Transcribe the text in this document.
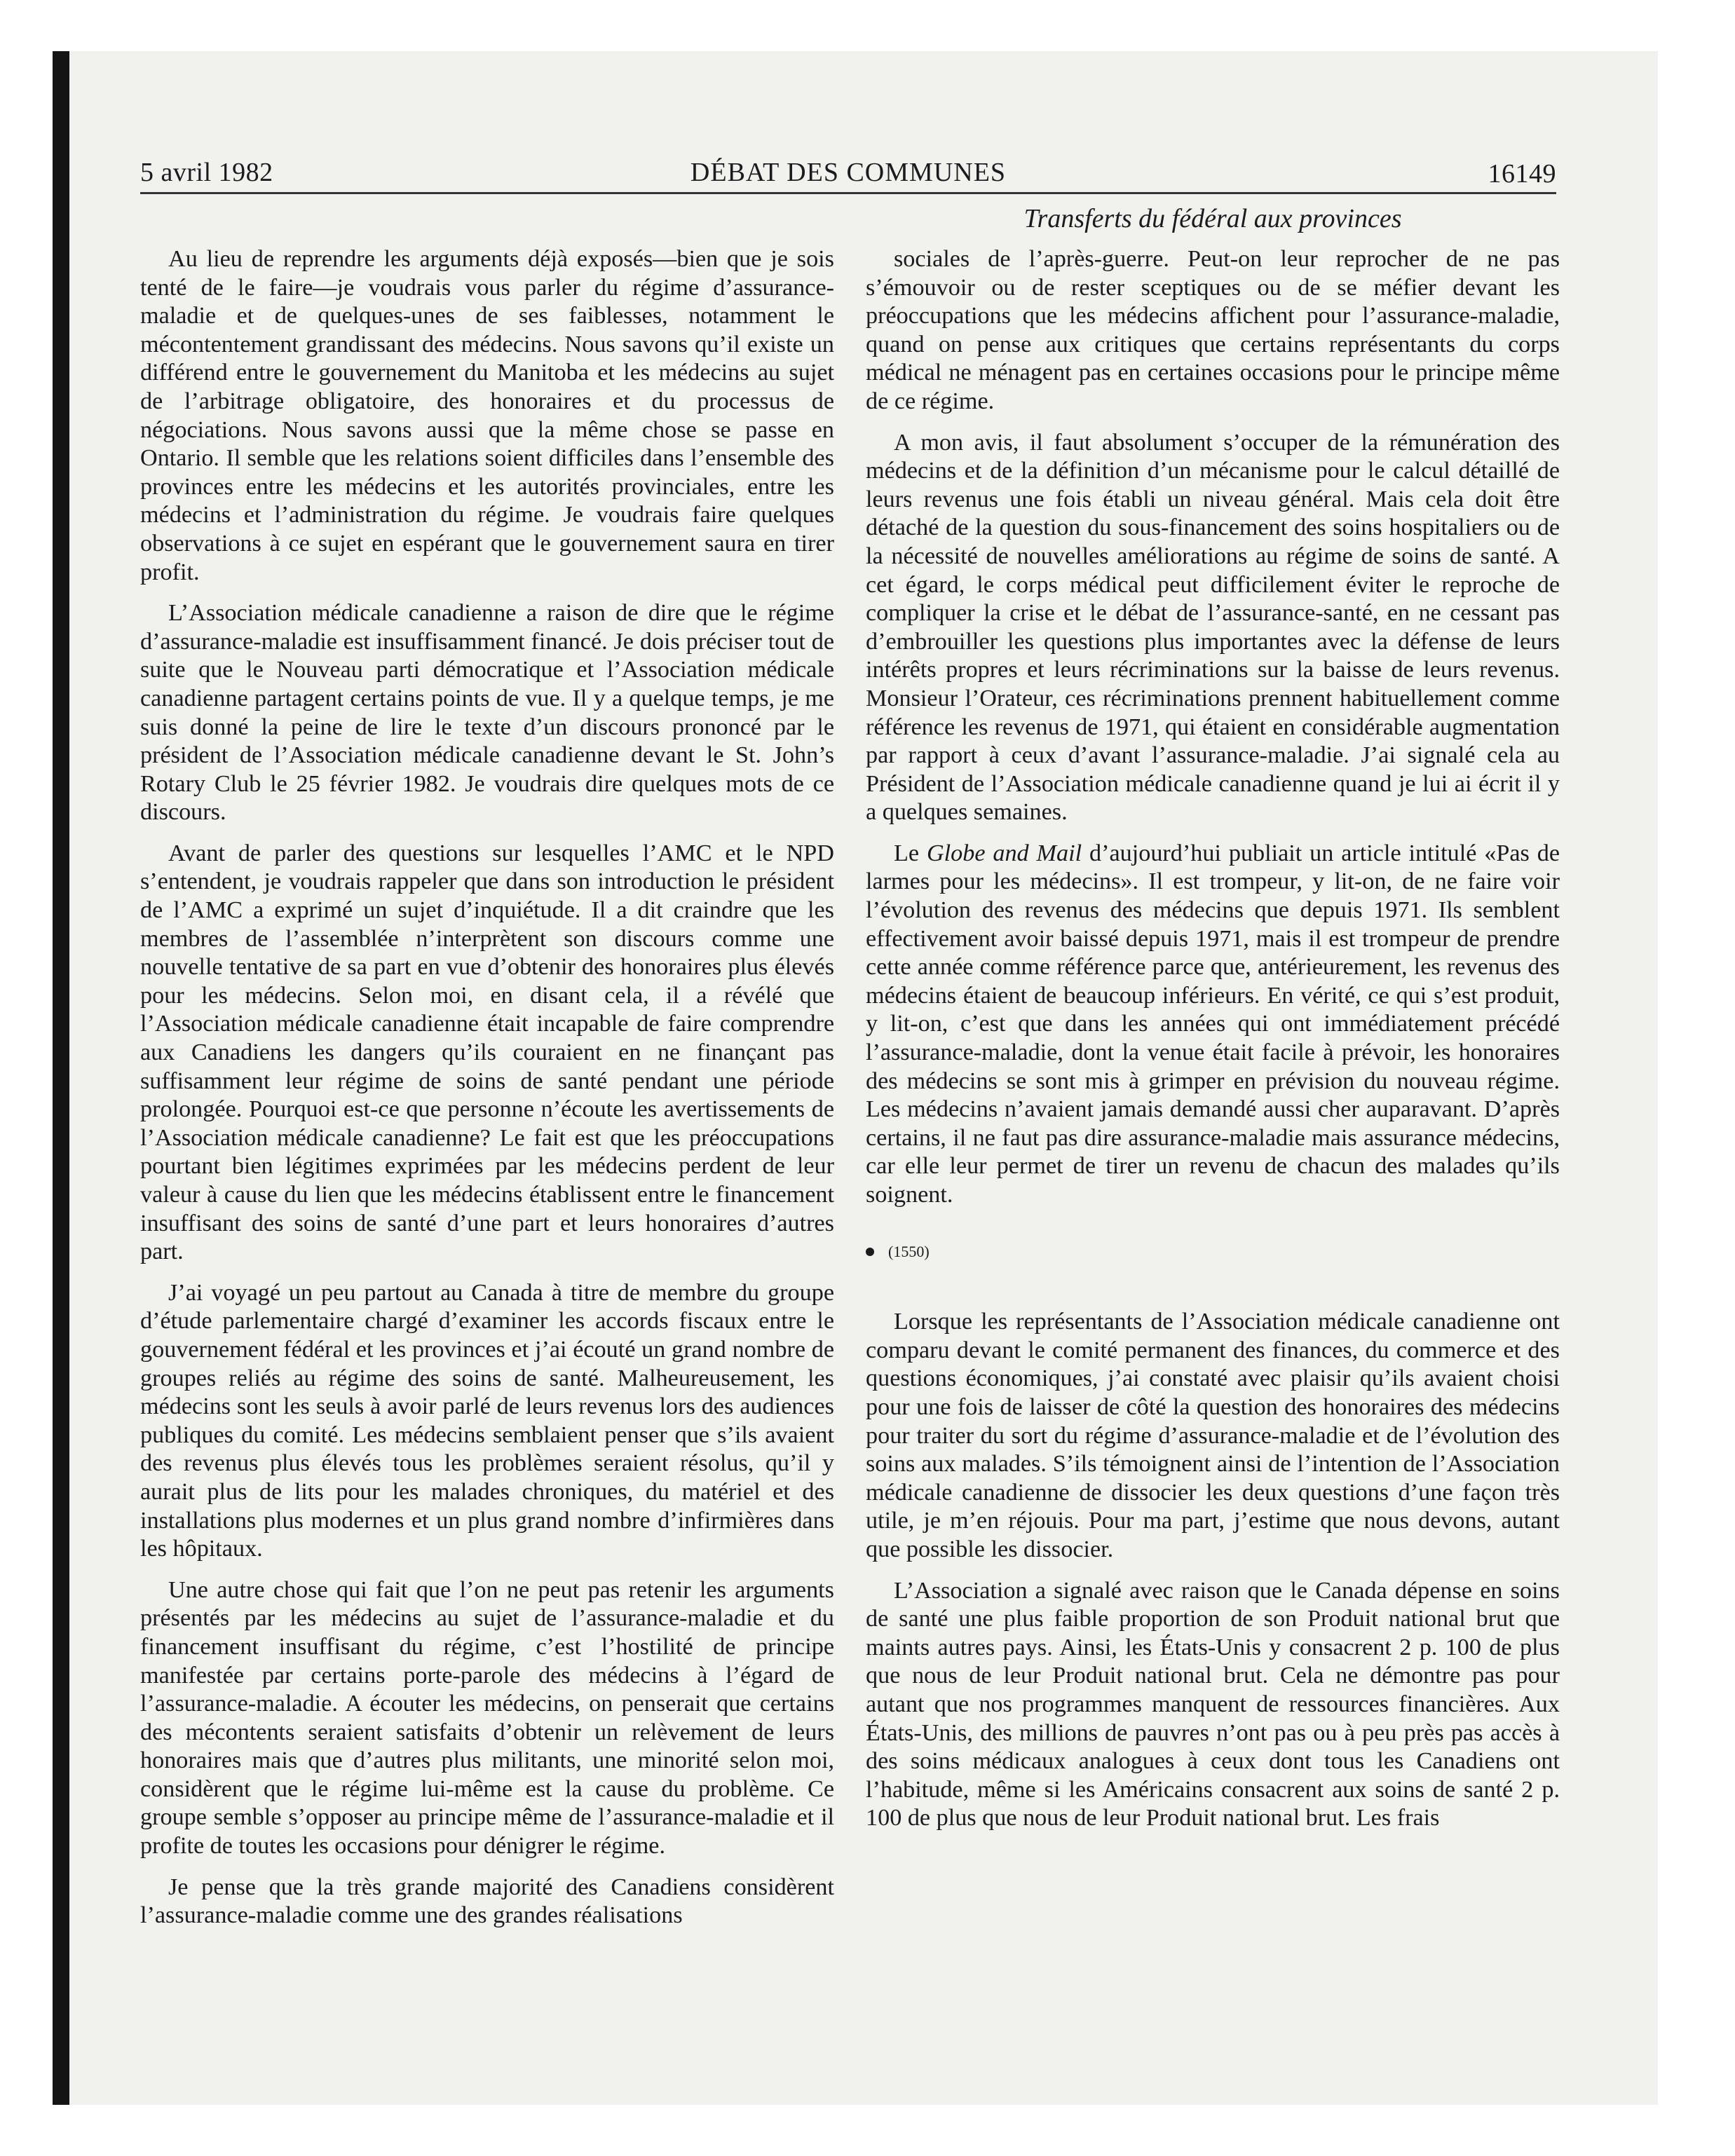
5 avril 1982	DÉBAT DES COMMUNES	16149
Transferts du fédéral aux provinces

Au lieu de reprendre les arguments déjà exposés—bien que je sois tenté de le faire—je voudrais vous parler du régime d’assurance-maladie et de quelques-unes de ses faiblesses, notamment le mécontentement grandissant des médecins. Nous savons qu’il existe un différend entre le gouvernement du Manitoba et les médecins au sujet de l’arbitrage obligatoire, des honoraires et du processus de négociations. Nous savons aussi que la même chose se passe en Ontario. Il semble que les relations soient difficiles dans l’ensemble des provinces entre les médecins et les autorités provinciales, entre les médecins et l’administration du régime. Je voudrais faire quelques observations à ce sujet en espérant que le gouvernement saura en tirer profit.

L’Association médicale canadienne a raison de dire que le régime d’assurance-maladie est insuffisamment financé. Je dois préciser tout de suite que le Nouveau parti démocratique et l’Association médicale canadienne partagent certains points de vue. Il y a quelque temps, je me suis donné la peine de lire le texte d’un discours prononcé par le président de l’Association médicale canadienne devant le St. John’s Rotary Club le 25 février 1982. Je voudrais dire quelques mots de ce discours.

Avant de parler des questions sur lesquelles l’AMC et le NPD s’entendent, je voudrais rappeler que dans son introduction le président de l’AMC a exprimé un sujet d’inquiétude. Il a dit craindre que les membres de l’assemblée n’interprètent son discours comme une nouvelle tentative de sa part en vue d’obtenir des honoraires plus élevés pour les médecins. Selon moi, en disant cela, il a révélé que l’Association médicale canadienne était incapable de faire comprendre aux Canadiens les dangers qu’ils couraient en ne finançant pas suffisamment leur régime de soins de santé pendant une période prolongée. Pourquoi est-ce que personne n’écoute les avertissements de l’Association médicale canadienne? Le fait est que les préoccupations pourtant bien légitimes exprimées par les médecins perdent de leur valeur à cause du lien que les médecins établissent entre le financement insuffisant des soins de santé d’une part et leurs honoraires d’autres part.

J’ai voyagé un peu partout au Canada à titre de membre du groupe d’étude parlementaire chargé d’examiner les accords fiscaux entre le gouvernement fédéral et les provinces et j’ai écouté un grand nombre de groupes reliés au régime des soins de santé. Malheureusement, les médecins sont les seuls à avoir parlé de leurs revenus lors des audiences publiques du comité. Les médecins semblaient penser que s’ils avaient des revenus plus élevés tous les problèmes seraient résolus, qu’il y aurait plus de lits pour les malades chroniques, du matériel et des installations plus modernes et un plus grand nombre d’infirmières dans les hôpitaux.

Une autre chose qui fait que l’on ne peut pas retenir les arguments présentés par les médecins au sujet de l’assurance-maladie et du financement insuffisant du régime, c’est l’hostilité de principe manifestée par certains porte-parole des médecins à l’égard de l’assurance-maladie. A écouter les médecins, on penserait que certains des mécontents seraient satisfaits d’obtenir un relèvement de leurs honoraires mais que d’autres plus militants, une minorité selon moi, considèrent que le régime lui-même est la cause du problème. Ce groupe semble s’opposer au principe même de l’assurance-maladie et il profite de toutes les occasions pour dénigrer le régime.

Je pense que la très grande majorité des Canadiens considèrent l’assurance-maladie comme une des grandes réalisations

sociales de l’après-guerre. Peut-on leur reprocher de ne pas s’émouvoir ou de rester sceptiques ou de se méfier devant les préoccupations que les médecins affichent pour l’assurance-maladie, quand on pense aux critiques que certains représentants du corps médical ne ménagent pas en certaines occasions pour le principe même de ce régime.

A mon avis, il faut absolument s’occuper de la rémunération des médecins et de la définition d’un mécanisme pour le calcul détaillé de leurs revenus une fois établi un niveau général. Mais cela doit être détaché de la question du sous-financement des soins hospitaliers ou de la nécessité de nouvelles améliorations au régime de soins de santé. A cet égard, le corps médical peut difficilement éviter le reproche de compliquer la crise et le débat de l’assurance-santé, en ne cessant pas d’embrouiller les questions plus importantes avec la défense de leurs intérêts propres et leurs récriminations sur la baisse de leurs revenus. Monsieur l’Orateur, ces récriminations prennent habituellement comme référence les revenus de 1971, qui étaient en considérable augmentation par rapport à ceux d’avant l’assurance-maladie. J’ai signalé cela au Président de l’Association médicale canadienne quand je lui ai écrit il y a quelques semaines.

Le Globe and Mail d’aujourd’hui publiait un article intitulé «Pas de larmes pour les médecins». Il est trompeur, y lit-on, de ne faire voir l’évolution des revenus des médecins que depuis 1971. Ils semblent effectivement avoir baissé depuis 1971, mais il est trompeur de prendre cette année comme référence parce que, antérieurement, les revenus des médecins étaient de beaucoup inférieurs. En vérité, ce qui s’est produit, y lit-on, c’est que dans les années qui ont immédiatement précédé l’assurance-maladie, dont la venue était facile à prévoir, les honoraires des médecins se sont mis à grimper en prévision du nouveau régime. Les médecins n’avaient jamais demandé aussi cher auparavant. D’après certains, il ne faut pas dire assurance-maladie mais assurance médecins, car elle leur permet de tirer un revenu de chacun des malades qu’ils soignent.

(1550)

Lorsque les représentants de l’Association médicale canadienne ont comparu devant le comité permanent des finances, du commerce et des questions économiques, j’ai constaté avec plaisir qu’ils avaient choisi pour une fois de laisser de côté la question des honoraires des médecins pour traiter du sort du régime d’assurance-maladie et de l’évolution des soins aux malades. S’ils témoignent ainsi de l’intention de l’Association médicale canadienne de dissocier les deux questions d’une façon très utile, je m’en réjouis. Pour ma part, j’estime que nous devons, autant que possible les dissocier.

L’Association a signalé avec raison que le Canada dépense en soins de santé une plus faible proportion de son Produit national brut que maints autres pays. Ainsi, les États-Unis y consacrent 2 p. 100 de plus que nous de leur Produit national brut. Cela ne démontre pas pour autant que nos programmes manquent de ressources financières. Aux États-Unis, des millions de pauvres n’ont pas ou à peu près pas accès à des soins médicaux analogues à ceux dont tous les Canadiens ont l’habitude, même si les Américains consacrent aux soins de santé 2 p. 100 de plus que nous de leur Produit national brut. Les frais
